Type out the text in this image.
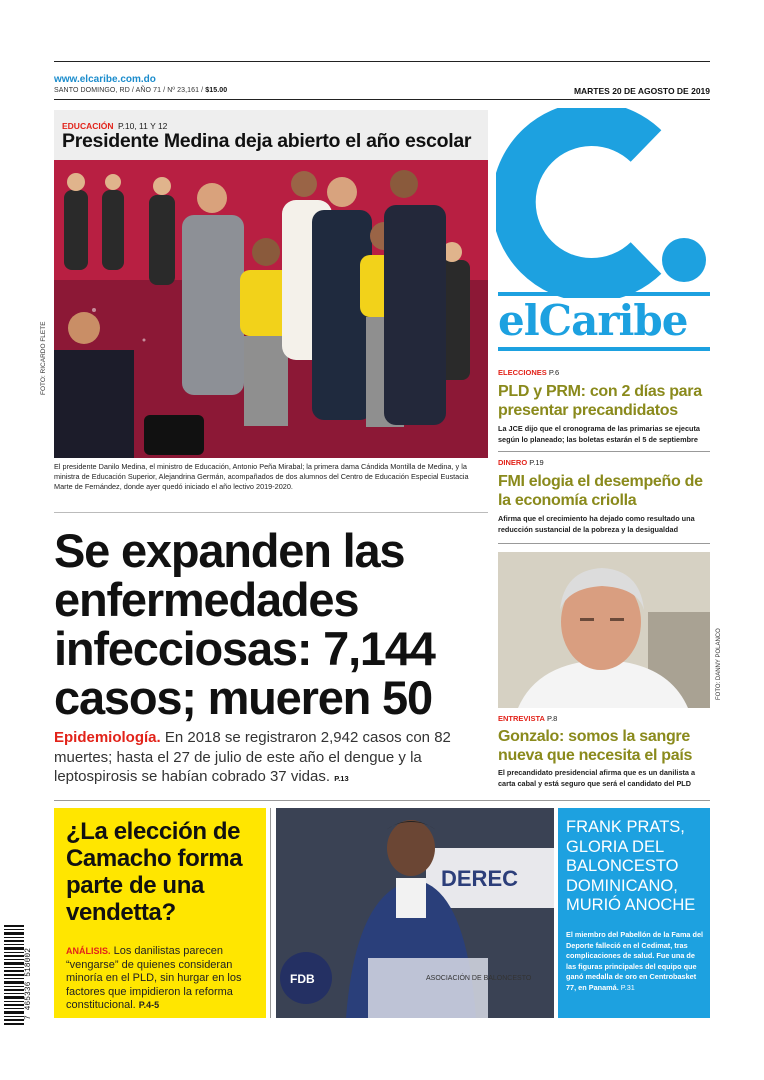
www.elcaribe.com.do
SANTO DOMINGO, RD / AÑO 71 / Nº 23,161 / $15.00	MARTES 20 DE AGOSTO DE 2019
EDUCACIÓN P.10, 11 Y 12
Presidente Medina deja abierto el año escolar
FOTO: RICARDO FLETE
El presidente Danilo Medina, el ministro de Educación, Antonio Peña Mirabal; la primera dama Cándida Montilla de Medina, y la ministra de Educación Superior, Alejandrina Germán, acompañados de dos alumnos del Centro de Educación Especial Eustacia Marte de Fernández, donde ayer quedó iniciado el año lectivo 2019-2020.
elCaribe
ELECCIONES P.6
PLD y PRM: con 2 días para presentar precandidatos
La JCE dijo que el cronograma de las primarias se ejecuta según lo planeado; las boletas estarán el 5 de septiembre
DINERO P.19
FMI elogia el desempeño de la economía criolla
Afirma que el crecimiento ha dejado como resultado una reducción sustancial de la pobreza y la desigualdad
FOTO: DANNY POLANCO
ENTREVISTA P.8
Gonzalo: somos la sangre nueva que necesita el país
El precandidato presidencial afirma que es un danilista a carta cabal y está seguro que será el candidato del PLD
Se expanden las enfermedades infecciosas: 7,144 casos; mueren 50
Epidemiología. En 2018 se registraron 2,942 casos con 82 muertes; hasta el 27 de julio de este año el dengue y la leptospirosis se habían cobrado 37 vidas. P.13
¿La elección de Camacho forma parte de una vendetta?
ANÁLISIS. Los danilistas parecen “vengarse” de quienes consideran minoría en el PLD, sin hurgar en los factores que impidieron la reforma constitucional. P.4-5
DEREC
FDB	ASOCIACIÓN DE BALONCESTO
FRANK PRATS, GLORIA DEL BALONCESTO DOMINICANO, MURIÓ ANOCHE
El miembro del Pabellón de la Fama del Deporte falleció en el Cedimat, tras complicaciones de salud. Fue una de las figuras principales del equipo que ganó medalla de oro en Centrobasket 77, en Panamá. P.31
7 465336 518002
